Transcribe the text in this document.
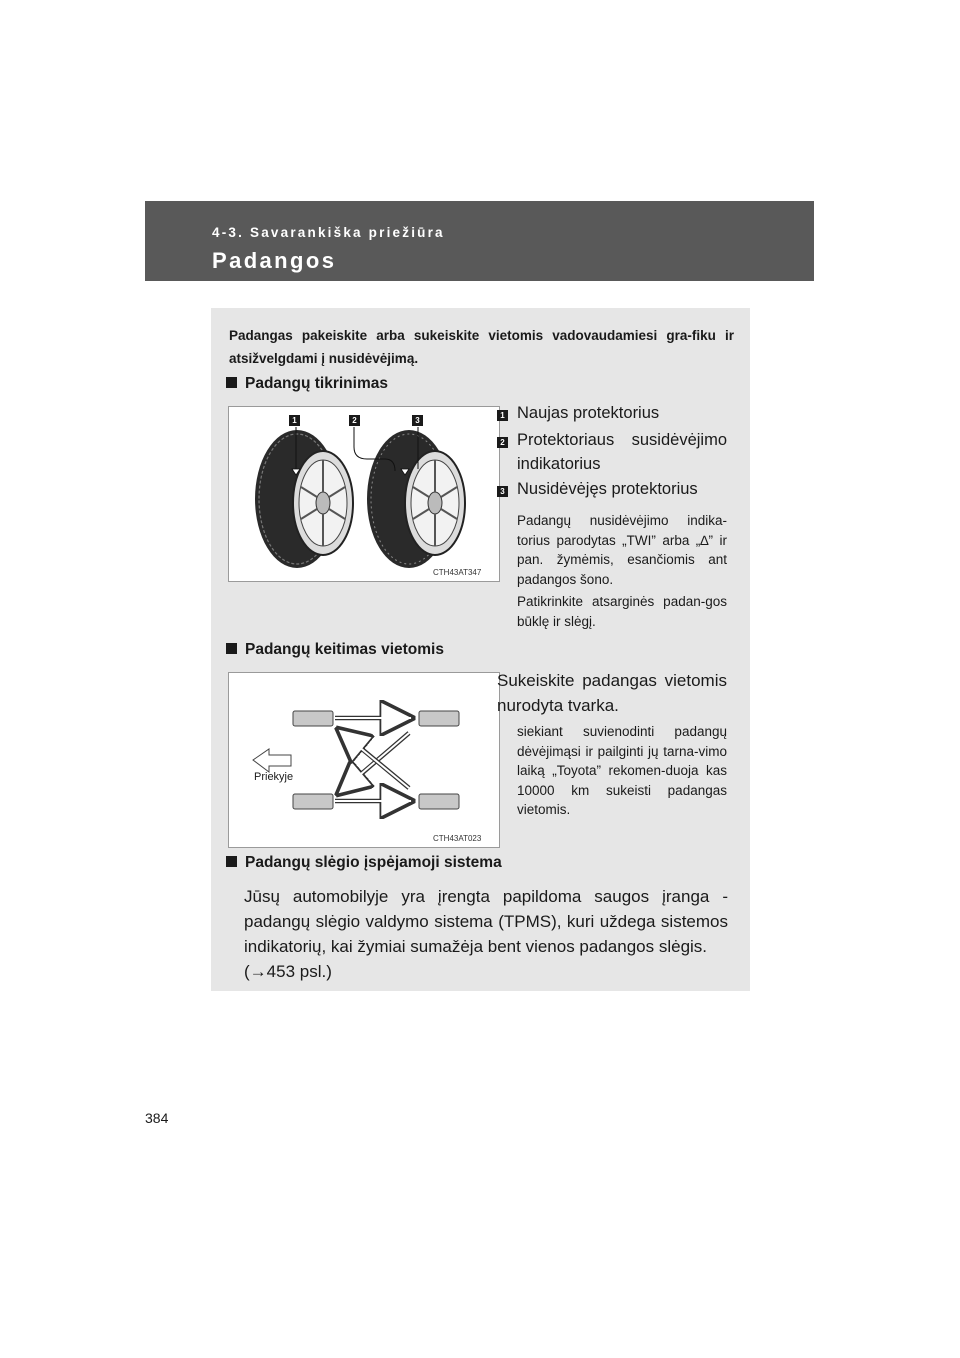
4-3. Savarankiška priežiūra
Padangos
Padangas pakeiskite arba sukeiskite vietomis vadovaudamiesi gra-fiku ir atsižvelgdami į nusidėvėjimą.
Padangų tikrinimas
1	2	3
CTH43AT347
1 Naujas protektorius
2 Protektoriaus susidėvėjimo indikatorius
3 Nusidėvėjęs protektorius
Padangų nusidėvėjimo indika-torius parodytas „TWI” arba „∆” ir pan. žymėmis, esančiomis ant padangos šono.
Patikrinkite atsarginės padan-gos būklę ir slėgį.
Padangų keitimas vietomis
Priekyje
CTH43AT023
Sukeiskite padangas vietomis nurodyta tvarka.
siekiant suvienodinti padangų dėvėjimąsi ir pailginti jų tarna-vimo laiką „Toyota” rekomen-duoja kas 10000 km sukeisti padangas vietomis.
Padangų slėgio įspėjamoji sistema
Jūsų automobilyje yra įrengta papildoma saugos įranga - padangų slėgio valdymo sistema (TPMS), kuri uždega sistemos indikatorių, kai žymiai sumažėja bent vienos padangos slėgis.
(→453 psl.)
384
